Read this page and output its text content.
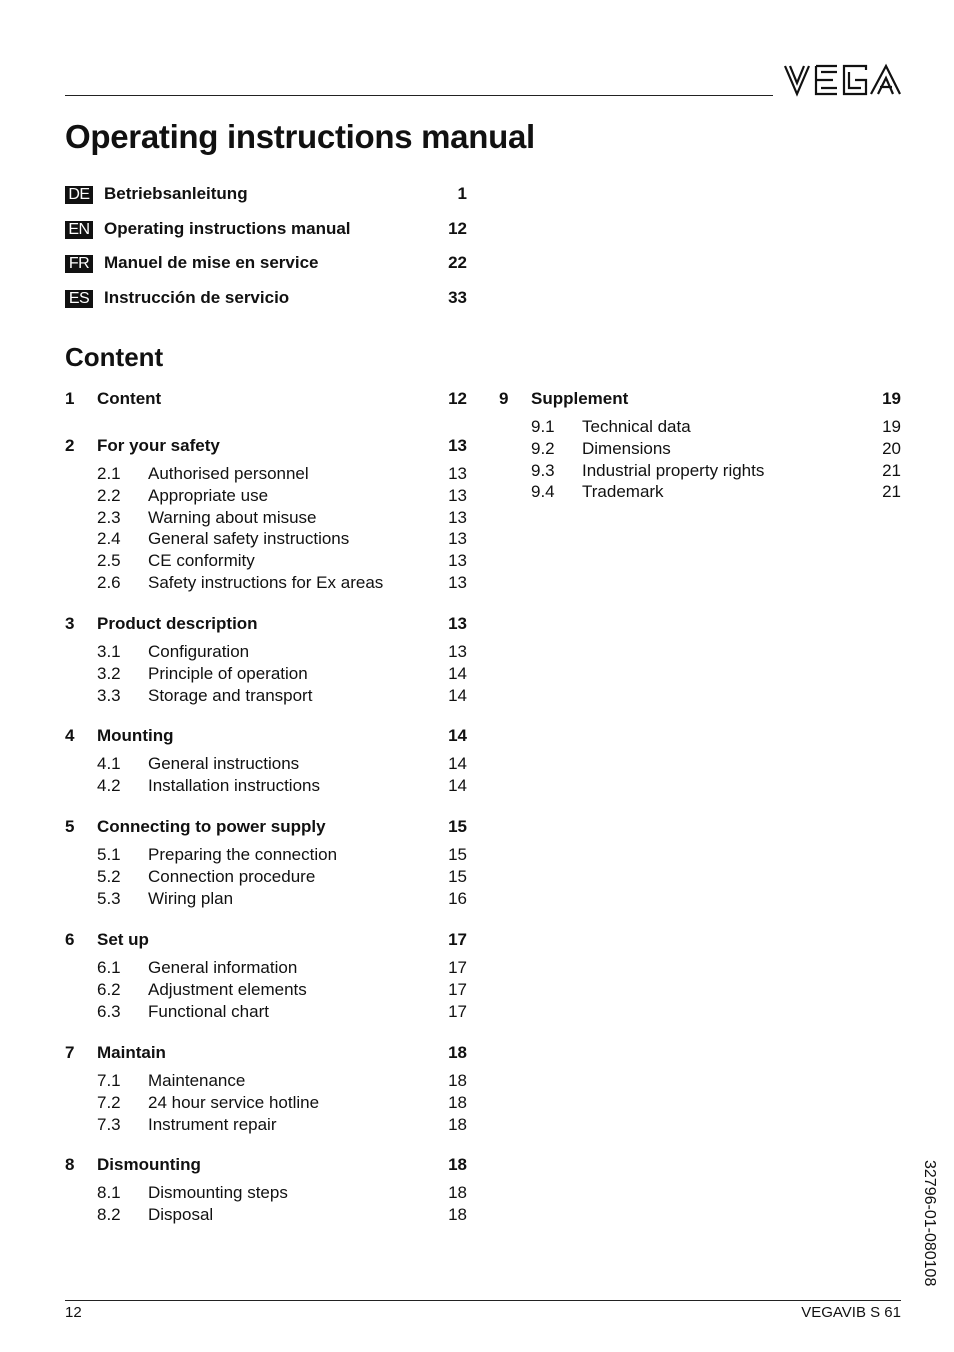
Operating instructions manual
DE Betriebsanleitung	1
EN Operating instructions manual	12
FR Manuel de mise en service	22
ES Instrucción de servicio	33
Content
1 Content	12
2 For your safety	13
2.1 Authorised personnel	13
2.2 Appropriate use	13
2.3 Warning about misuse	13
2.4 General safety instructions	13
2.5 CE conformity	13
2.6 Safety instructions for Ex areas	13
3 Product description	13
3.1 Configuration	13
3.2 Principle of operation	14
3.3 Storage and transport	14
4 Mounting	14
4.1 General instructions	14
4.2 Installation instructions	14
5 Connecting to power supply	15
5.1 Preparing the connection	15
5.2 Connection procedure	15
5.3 Wiring plan	16
6 Set up	17
6.1 General information	17
6.2 Adjustment elements	17
6.3 Functional chart	17
7 Maintain	18
7.1 Maintenance	18
7.2 24 hour service hotline	18
7.3 Instrument repair	18
8 Dismounting	18
8.1 Dismounting steps	18
8.2 Disposal	18
9 Supplement	19
9.1 Technical data	19
9.2 Dimensions	20
9.3 Industrial property rights	21
9.4 Trademark	21
12	VEGAVIB S 61
32796-01-080108
